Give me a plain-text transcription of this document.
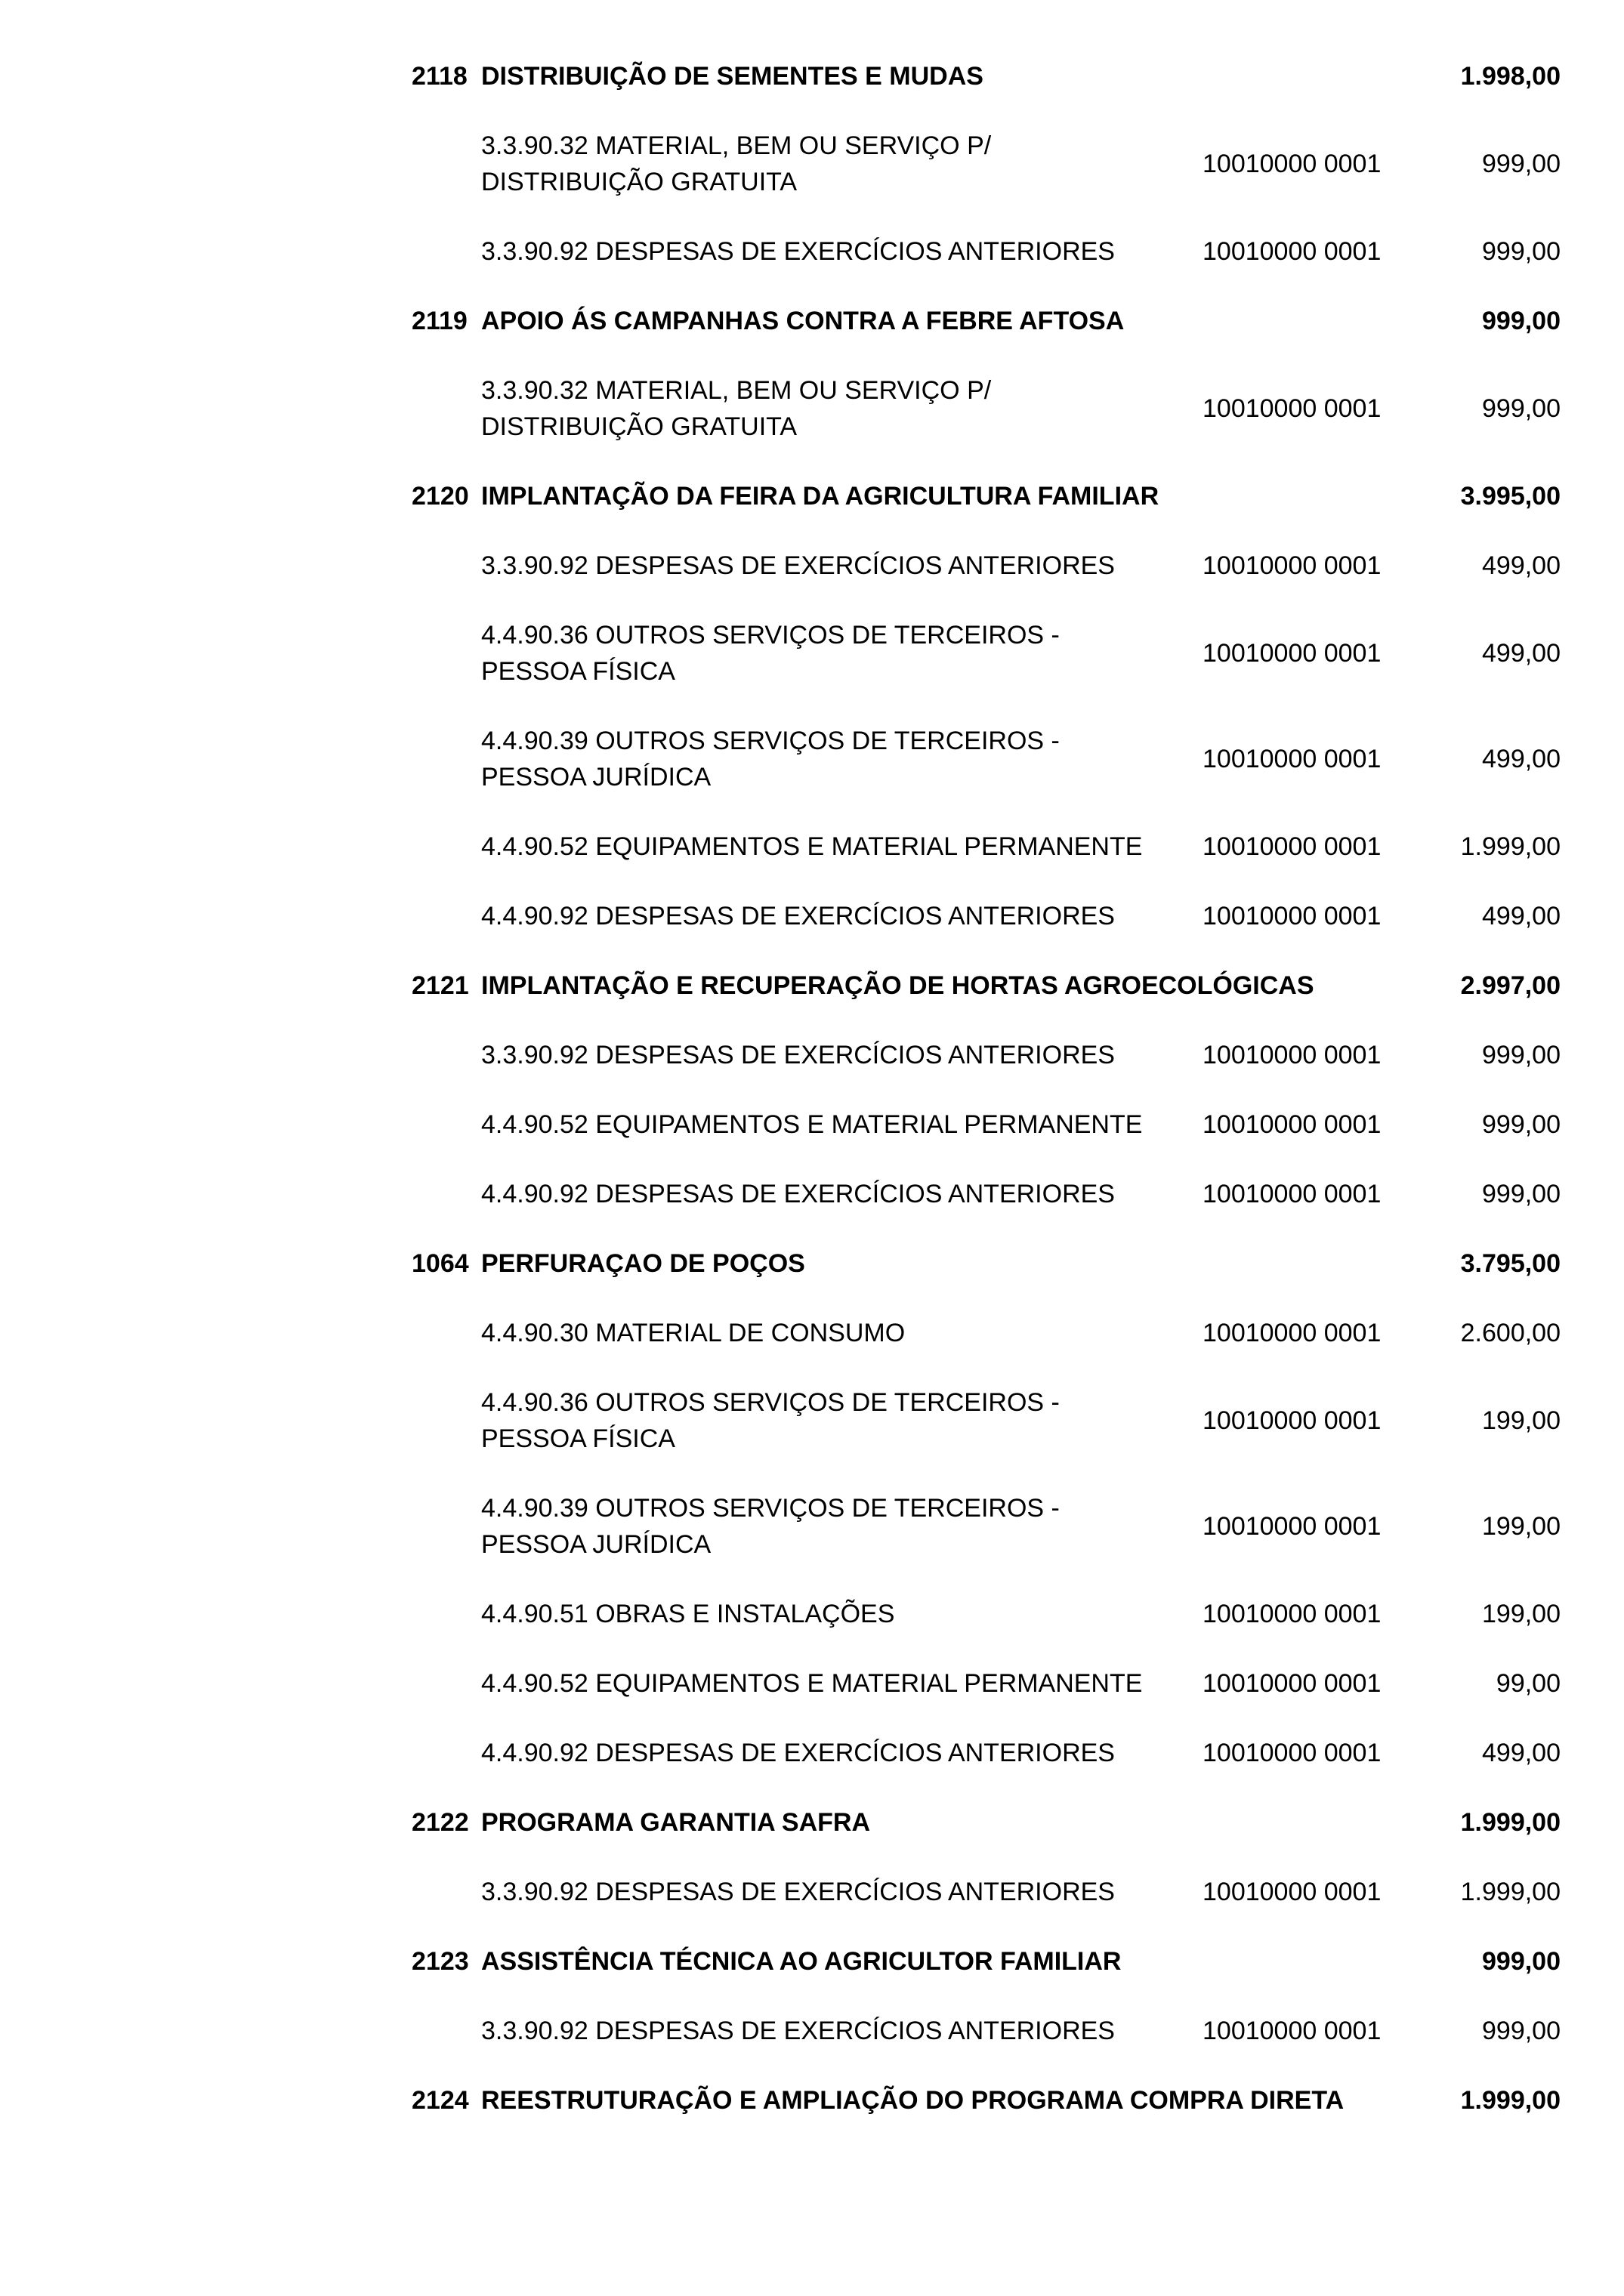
2118 DISTRIBUIÇÃO DE SEMENTES E MUDAS	1.998,00
3.3.90.32 MATERIAL, BEM OU SERVIÇO P/
DISTRIBUIÇÃO GRATUITA
10010000 0001	999,00
3.3.90.92 DESPESAS DE EXERCÍCIOS ANTERIORES	10010000 0001	999,00
2119 APOIO ÁS CAMPANHAS CONTRA A FEBRE AFTOSA	999,00
3.3.90.32 MATERIAL, BEM OU SERVIÇO P/
DISTRIBUIÇÃO GRATUITA
10010000 0001	999,00
2120 IMPLANTAÇÃO DA FEIRA DA AGRICULTURA FAMILIAR	3.995,00
3.3.90.92 DESPESAS DE EXERCÍCIOS ANTERIORES	10010000 0001	499,00
4.4.90.36 OUTROS SERVIÇOS DE TERCEIROS -
PESSOA FÍSICA
10010000 0001	499,00
4.4.90.39 OUTROS SERVIÇOS DE TERCEIROS -
PESSOA JURÍDICA
10010000 0001	499,00
4.4.90.52 EQUIPAMENTOS E MATERIAL PERMANENTE 10010000 0001	1.999,00
4.4.90.92 DESPESAS DE EXERCÍCIOS ANTERIORES	10010000 0001	499,00
2121 IMPLANTAÇÃO E RECUPERAÇÃO DE HORTAS AGROECOLÓGICAS	2.997,00
3.3.90.92 DESPESAS DE EXERCÍCIOS ANTERIORES	10010000 0001	999,00
4.4.90.52 EQUIPAMENTOS E MATERIAL PERMANENTE 10010000 0001	999,00
4.4.90.92 DESPESAS DE EXERCÍCIOS ANTERIORES	10010000 0001	999,00
1064 PERFURAÇAO DE POÇOS	3.795,00
4.4.90.30 MATERIAL DE CONSUMO	10010000 0001	2.600,00
4.4.90.36 OUTROS SERVIÇOS DE TERCEIROS -
PESSOA FÍSICA
10010000 0001	199,00
4.4.90.39 OUTROS SERVIÇOS DE TERCEIROS -
PESSOA JURÍDICA
10010000 0001	199,00
4.4.90.51 OBRAS E INSTALAÇÕES	10010000 0001	199,00
4.4.90.52 EQUIPAMENTOS E MATERIAL PERMANENTE 10010000 0001	99,00
4.4.90.92 DESPESAS DE EXERCÍCIOS ANTERIORES	10010000 0001	499,00
2122 PROGRAMA GARANTIA SAFRA	1.999,00
3.3.90.92 DESPESAS DE EXERCÍCIOS ANTERIORES	10010000 0001	1.999,00
2123 ASSISTÊNCIA TÉCNICA AO AGRICULTOR FAMILIAR	999,00
3.3.90.92 DESPESAS DE EXERCÍCIOS ANTERIORES	10010000 0001	999,00
2124 REESTRUTURAÇÃO E AMPLIAÇÃO DO PROGRAMA COMPRA DIRETA	1.999,00
